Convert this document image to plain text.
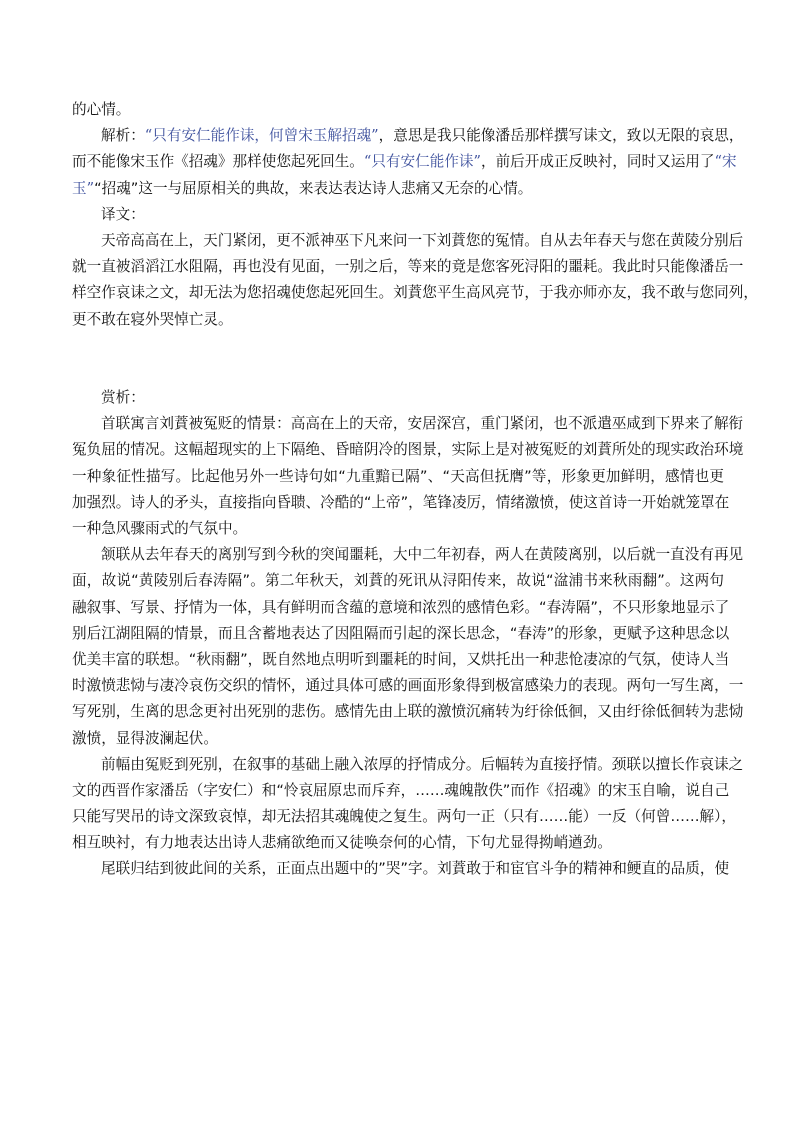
的心情。

解析：“只有安仁能作诔，何曾宋玉解招魂”，意思是我只能像潘岳那样撰写诔文，致以无限的哀思，

而不能像宋玉作《招魂》那样使您起死回生。“只有安仁能作诔”，前后开成正反映衬，同时又运用了“宋

玉”“招魂”这一与屈原相关的典故，来表达表达诗人悲痛又无奈的心情。

译文：

天帝高高在上，天门紧闭，更不派神巫下凡来问一下刘蕡您的冤情。自从去年春天与您在黄陵分别后

就一直被滔滔江水阻隔，再也没有见面，一别之后，等来的竟是您客死浔阳的噩耗。我此时只能像潘岳一

样空作哀诔之文，却无法为您招魂使您起死回生。刘蕡您平生高风亮节，于我亦师亦友，我不敢与您同列，

更不敢在寝外哭悼亡灵。

赏析：

首联寓言刘蕡被冤贬的情景：高高在上的天帝，安居深宫，重门紧闭，也不派遣巫咸到下界来了解衔

冤负屈的情况。这幅超现实的上下隔绝、昏暗阴冷的图景，实际上是对被冤贬的刘蕡所处的现实政治环境

一种象征性描写。比起他另外一些诗句如“九重黯已隔”、“天高但抚膺”等，形象更加鲜明，感情也更

加强烈。诗人的矛头，直接指向昏聩、冷酷的“上帝”，笔锋凌厉，情绪激愤，使这首诗一开始就笼罩在

一种急风骤雨式的气氛中。

颔联从去年春天的离别写到今秋的突闻噩耗，大中二年初春，两人在黄陵离别，以后就一直没有再见

面，故说“黄陵别后春涛隔”。第二年秋天，刘蕡的死讯从浔阳传来，故说“湓浦书来秋雨翻”。这两句

融叙事、写景、抒情为一体，具有鲜明而含蕴的意境和浓烈的感情色彩。“春涛隔”，不只形象地显示了

别后江湖阻隔的情景，而且含蓄地表达了因阻隔而引起的深长思念，“春涛”的形象，更赋予这种思念以

优美丰富的联想。“秋雨翻”，既自然地点明听到噩耗的时间，又烘托出一种悲怆凄凉的气氛，使诗人当

时激愤悲恸与凄冷哀伤交织的情怀，通过具体可感的画面形象得到极富感染力的表现。两句一写生离，一

写死别，生离的思念更衬出死别的悲伤。感情先由上联的激愤沉痛转为纡徐低徊，又由纡徐低徊转为悲恸

激愤，显得波澜起伏。

前幅由冤贬到死别，在叙事的基础上融入浓厚的抒情成分。后幅转为直接抒情。颈联以擅长作哀诔之

文的西晋作家潘岳（字安仁）和“怜哀屈原忠而斥弃，……魂魄散佚”而作《招魂》的宋玉自喻，说自己

只能写哭吊的诗文深致哀悼，却无法招其魂魄使之复生。两句一正（只有……能）一反（何曾……解），

相互映衬，有力地表达出诗人悲痛欲绝而又徒唤奈何的心情，下句尤显得拗峭遒劲。

尾联归结到彼此间的关系，正面点出题中的”哭”字。刘蕡敢于和宦官斗争的精神和鲠直的品质，使
